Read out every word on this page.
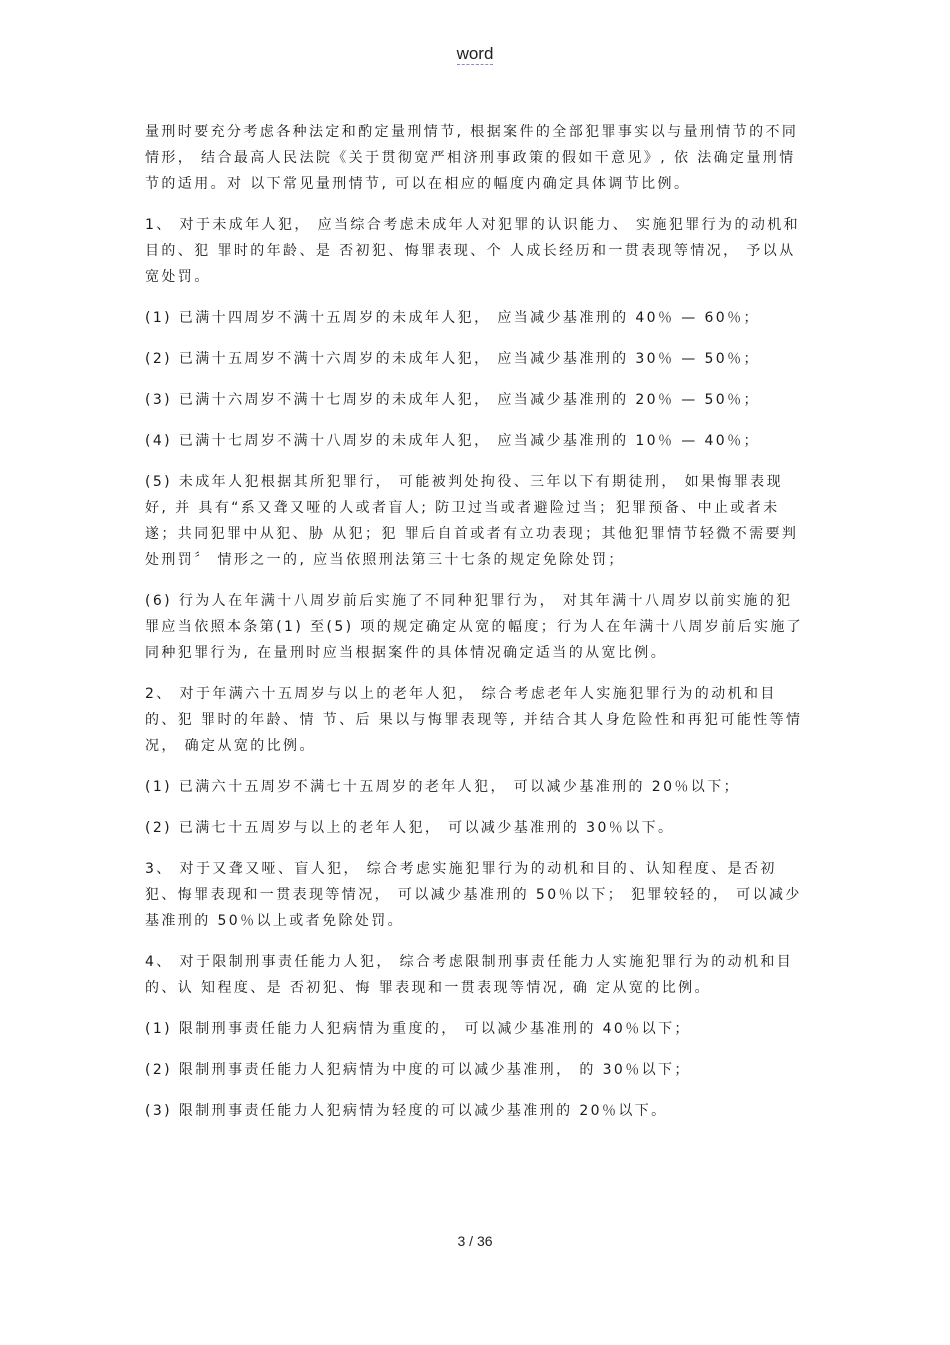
word

量刑时要充分考虑各种法定和酌定量刑情节, 根据案件的全部犯罪事实以与量刑情节的不同情形， 结合最高人民法院《关于贯彻宽严相济刑事政策的假如干意见》, 依 法确定量刑情节的适用。对 以下常见量刑情节, 可以在相应的幅度内确定具体调节比例。

1、 对于未成年人犯， 应当综合考虑未成年人对犯罪的认识能力、 实施犯罪行为的动机和目的、犯 罪时的年龄、是 否初犯、悔罪表现、个 人成长经历和一贯表现等情况， 予以从宽处罚。

(1) 已满十四周岁不满十五周岁的未成年人犯， 应当减少基准刑的 40％ — 60％；

(2) 已满十五周岁不满十六周岁的未成年人犯， 应当减少基准刑的 30％ — 50％；

(3) 已满十六周岁不满十七周岁的未成年人犯， 应当减少基准刑的 20％ — 50％；

(4) 已满十七周岁不满十八周岁的未成年人犯， 应当减少基准刑的 10％ — 40％；

(5) 未成年人犯根据其所犯罪行， 可能被判处拘役、三年以下有期徒刑， 如果悔罪表现好, 并 具有“系又聋又哑的人或者盲人; 防卫过当或者避险过当；犯罪预备、中止或者未遂；共同犯罪中从犯、胁 从犯；犯 罪后自首或者有立功表现；其他犯罪情节轻微不需要判处刑罚〞 情形之一的, 应当依照刑法第三十七条的规定免除处罚；

(6) 行为人在年满十八周岁前后实施了不同种犯罪行为， 对其年满十八周岁以前实施的犯罪应当依照本条第(1) 至(5) 项的规定确定从宽的幅度；行为人在年满十八周岁前后实施了同种犯罪行为, 在量刑时应当根据案件的具体情况确定适当的从宽比例。

2、 对于年满六十五周岁与以上的老年人犯， 综合考虑老年人实施犯罪行为的动机和目的、犯 罪时的年龄、情 节、后 果以与悔罪表现等, 并结合其人身危险性和再犯可能性等情况， 确定从宽的比例。

(1) 已满六十五周岁不满七十五周岁的老年人犯， 可以减少基准刑的 20％以下；

(2) 已满七十五周岁与以上的老年人犯， 可以减少基准刑的 30％以下。

3、 对于又聋又哑、盲人犯， 综合考虑实施犯罪行为的动机和目的、认知程度、是否初犯、悔罪表现和一贯表现等情况， 可以减少基准刑的 50％以下； 犯罪较轻的， 可以减少基准刑的 50％以上或者免除处罚。

4、 对于限制刑事责任能力人犯， 综合考虑限制刑事责任能力人实施犯罪行为的动机和目的、认 知程度、是 否初犯、悔 罪表现和一贯表现等情况, 确 定从宽的比例。

(1) 限制刑事责任能力人犯病情为重度的， 可以减少基准刑的 40％以下；

(2) 限制刑事责任能力人犯病情为中度的可以减少基准刑， 的 30％以下；

(3) 限制刑事责任能力人犯病情为轻度的可以减少基准刑的 20％以下。

3 / 36
